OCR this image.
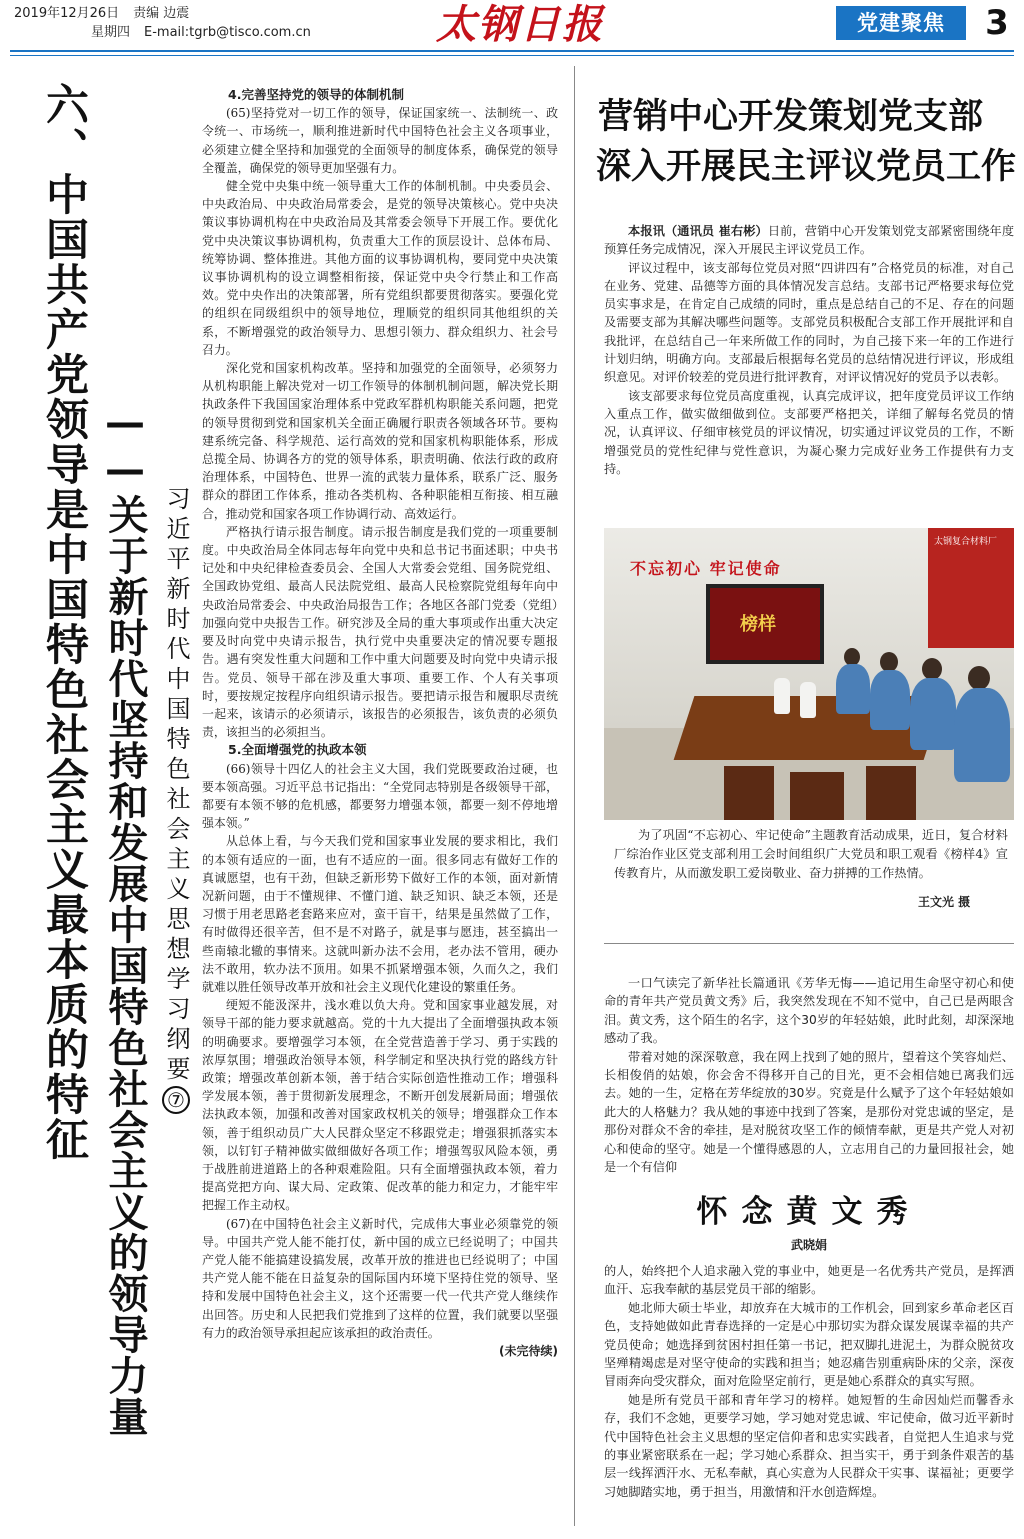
2019年12月26日 责编 边震
星期四 E-mail:tgrb@tisco.com.cn	太钢日报	党建聚焦	3
六、中国共产党领导是中国特色社会主义最本质的特征 ——关于新时代坚持和发展中国特色社会主义的领导力量 习近平新时代中国特色社会主义思想学习纲要⑦
4.完善坚持党的领导的体制机制

(65)坚持党对一切工作的领导，保证国家统一、法制统一、政令统一、市场统一，顺利推进新时代中国特色社会主义各项事业，必须建立健全坚持和加强党的全面领导的制度体系，确保党的领导全覆盖，确保党的领导更加坚强有力。

健全党中央集中统一领导重大工作的体制机制。中央委员会、中央政治局、中央政治局常委会，是党的领导决策核心。党中央决策议事协调机构在中央政治局及其常委会领导下开展工作。要优化党中央决策议事协调机构，负责重大工作的顶层设计、总体布局、统筹协调、整体推进。其他方面的议事协调机构，要同党中央决策议事协调机构的设立调整相衔接，保证党中央令行禁止和工作高效。党中央作出的决策部署，所有党组织都要贯彻落实。要强化党的组织在同级组织中的领导地位，理顺党的组织同其他组织的关系，不断增强党的政治领导力、思想引领力、群众组织力、社会号召力。

深化党和国家机构改革。坚持和加强党的全面领导，必须努力从机构职能上解决党对一切工作领导的体制机制问题，解决党长期执政条件下我国国家治理体系中党政军群机构职能关系问题，把党的领导贯彻到党和国家机关全面正确履行职责各领域各环节。要构建系统完备、科学规范、运行高效的党和国家机构职能体系，形成总揽全局、协调各方的党的领导体系，职责明确、依法行政的政府治理体系，中国特色、世界一流的武装力量体系，联系广泛、服务群众的群团工作体系，推动各类机构、各种职能相互衔接、相互融合，推动党和国家各项工作协调行动、高效运行。

严格执行请示报告制度。请示报告制度是我们党的一项重要制度。中央政治局全体同志每年向党中央和总书记书面述职；中央书记处和中央纪律检查委员会、全国人大常委会党组、国务院党组、全国政协党组、最高人民法院党组、最高人民检察院党组每年向中央政治局常委会、中央政治局报告工作；各地区各部门党委（党组）加强向党中央报告工作。研究涉及全局的重大事项或作出重大决定要及时向党中央请示报告，执行党中央重要决定的情况要专题报告。遇有突发性重大问题和工作中重大问题要及时向党中央请示报告。党员、领导干部在涉及重大事项、重要工作、个人有关事项时，要按规定按程序向组织请示报告。要把请示报告和履职尽责统一起来，该请示的必须请示，该报告的必须报告，该负责的必须负责，该担当的必须担当。

5.全面增强党的执政本领

(66)领导十四亿人的社会主义大国，我们党既要政治过硬，也要本领高强。习近平总书记指出：“全党同志特别是各级领导干部，都要有本领不够的危机感，都要努力增强本领，都要一刻不停地增强本领。”

从总体上看，与今天我们党和国家事业发展的要求相比，我们的本领有适应的一面，也有不适应的一面。很多同志有做好工作的真诚愿望，也有干劲，但缺乏新形势下做好工作的本领，面对新情况新问题，由于不懂规律、不懂门道、缺乏知识、缺乏本领，还是习惯于用老思路老套路来应对，蛮干盲干，结果是虽然做了工作，有时做得还很辛苦，但不是不对路子，就是事与愿违，甚至搞出一些南辕北辙的事情来。这就叫新办法不会用，老办法不管用，硬办法不敢用，软办法不顶用。如果不抓紧增强本领，久而久之，我们就难以胜任领导改革开放和社会主义现代化建设的繁重任务。

绠短不能汲深井，浅水难以负大舟。党和国家事业越发展，对领导干部的能力要求就越高。党的十九大提出了全面增强执政本领的明确要求。要增强学习本领，在全党营造善于学习、勇于实践的浓厚氛围；增强政治领导本领，科学制定和坚决执行党的路线方针政策；增强改革创新本领，善于结合实际创造性推动工作；增强科学发展本领，善于贯彻新发展理念，不断开创发展新局面；增强依法执政本领，加强和改善对国家政权机关的领导；增强群众工作本领，善于组织动员广大人民群众坚定不移跟党走；增强狠抓落实本领，以钉钉子精神做实做细做好各项工作；增强驾驭风险本领，勇于战胜前进道路上的各种艰难险阻。只有全面增强执政本领，着力提高党把方向、谋大局、定政策、促改革的能力和定力，才能牢牢把握工作主动权。

(67)在中国特色社会主义新时代，完成伟大事业必须靠党的领导。中国共产党人能不能打仗，新中国的成立已经说明了；中国共产党人能不能搞建设搞发展，改革开放的推进也已经说明了；中国共产党人能不能在日益复杂的国际国内环境下坚持住党的领导、坚持和发展中国特色社会主义，这个还需要一代一代共产党人继续作出回答。历史和人民把我们党推到了这样的位置，我们就要以坚强有力的政治领导承担起应该承担的政治责任。

(未完待续)
营销中心开发策划党支部
深入开展民主评议党员工作

本报讯（通讯员 崔右彬）日前，营销中心开发策划党支部紧密围绕年度预算任务完成情况，深入开展民主评议党员工作。

评议过程中，该支部每位党员对照“四讲四有”合格党员的标准，对自己在业务、党建、品德等方面的具体情况发言总结。支部书记严格要求每位党员实事求是，在肯定自己成绩的同时，重点是总结自己的不足、存在的问题及需要支部为其解决哪些问题等。支部党员积极配合支部工作开展批评和自我批评，在总结自己一年来所做工作的同时，为自己接下来一年的工作进行计划归纳，明确方向。支部最后根据每名党员的总结情况进行评议，形成组织意见。对评价较差的党员进行批评教育，对评议情况好的党员予以表彰。

该支部要求每位党员高度重视，认真完成评议，把年度党员评议工作纳入重点工作，做实做细做到位。支部要严格把关，详细了解每名党员的情况，认真评议、仔细审核党员的评议情况，切实通过评议党员的工作，不断增强党员的党性纪律与党性意识，为凝心聚力完成好业务工作提供有力支持。

不忘初心 牢记使命
榜样
太钢复合材料厂
为了巩固“不忘初心、牢记使命”主题教育活动成果，近日，复合材料厂综治作业区党支部利用工会时间组织广大党员和职工观看《榜样4》宣传教育片，从而激发职工爱岗敬业、奋力拼搏的工作热情。
王文光 摄

一口气读完了新华社长篇通讯《芳华无悔——追记用生命坚守初心和使命的青年共产党员黄文秀》后，我突然发现在不知不觉中，自己已是两眼含泪。黄文秀，这个陌生的名字，这个30岁的年轻姑娘，此时此刻，却深深地感动了我。

带着对她的深深敬意，我在网上找到了她的照片，望着这个笑容灿烂、长相俊俏的姑娘，你会舍不得移开自己的目光，更不会相信她已离我们远去。她的一生，定格在芳华绽放的30岁。究竟是什么赋予了这个年轻姑娘如此大的人格魅力？我从她的事迹中找到了答案，是那份对党忠诚的坚定，是那份对群众不舍的牵挂，是对脱贫攻坚工作的倾情奉献，更是共产党人对初心和使命的坚守。她是一个懂得感恩的人，立志用自己的力量回报社会，她是一个有信仰

怀念黄文秀
武晓娟

的人，始终把个人追求融入党的事业中，她更是一名优秀共产党员，是挥洒血汗、忘我奉献的基层党员干部的缩影。

她北师大硕士毕业，却放弃在大城市的工作机会，回到家乡革命老区百色，支持她做如此青春选择的一定是心中那切实为群众谋发展谋幸福的共产党员使命；她选择到贫困村担任第一书记，把双脚扎进泥土，为群众脱贫攻坚殚精竭虑是对坚守使命的实践和担当；她忍痛告别重病卧床的父亲，深夜冒雨奔向受灾群众，面对危险坚定前行，更是她心系群众的真实写照。

她是所有党员干部和青年学习的榜样。她短暂的生命因灿烂而馨香永存，我们不念她，更要学习她，学习她对党忠诚、牢记使命，做习近平新时代中国特色社会主义思想的坚定信仰者和忠实实践者，自觉把人生追求与党的事业紧密联系在一起；学习她心系群众、担当实干，勇于到条件艰苦的基层一线挥洒汗水、无私奉献，真心实意为人民群众干实事、谋福祉；更要学习她脚踏实地，勇于担当，用激情和汗水创造辉煌。
